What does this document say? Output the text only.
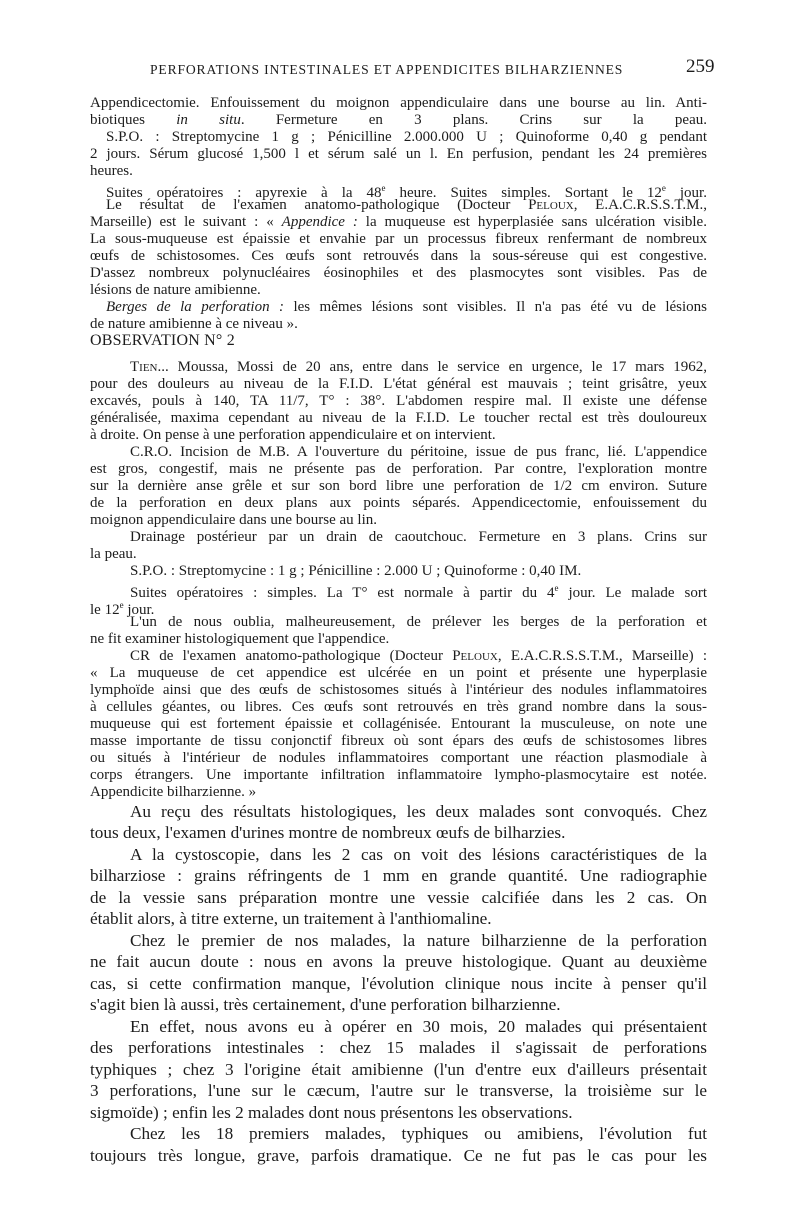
PERFORATIONS INTESTINALES ET APPENDICITES BILHARZIENNES	259
Appendicectomie. Enfouissement du moignon appendiculaire dans une bourse au lin. Anti-
biotiques in situ. Fermeture en 3 plans. Crins sur la peau.
S.P.O. : Streptomycine 1 g ; Pénicilline 2.000.000 U ; Quinoforme 0,40 g pendant
2 jours. Sérum glucosé 1,500 l et sérum salé un l. En perfusion, pendant les 24 premières
heures.
Suites opératoires : apyrexie à la 48e heure. Suites simples. Sortant le 12e jour.
Le résultat de l'examen anatomo-pathologique (Docteur Peloux, E.A.C.R.S.S.T.M.,
Marseille) est le suivant : « Appendice : la muqueuse est hyperplasiée sans ulcération visible.
La sous-muqueuse est épaissie et envahie par un processus fibreux renfermant de nombreux
œufs de schistosomes. Ces œufs sont retrouvés dans la sous-séreuse qui est congestive.
D'assez nombreux polynucléaires éosinophiles et des plasmocytes sont visibles. Pas de
lésions de nature amibienne.
Berges de la perforation : les mêmes lésions sont visibles. Il n'a pas été vu de lésions
de nature amibienne à ce niveau ».
OBSERVATION N° 2
Tien... Moussa, Mossi de 20 ans, entre dans le service en urgence, le 17 mars 1962,
pour des douleurs au niveau de la F.I.D. L'état général est mauvais ; teint grisâtre, yeux
excavés, pouls à 140, TA 11/7, T° : 38°. L'abdomen respire mal. Il existe une défense
généralisée, maxima cependant au niveau de la F.I.D. Le toucher rectal est très douloureux
à droite. On pense à une perforation appendiculaire et on intervient.
C.R.O. Incision de M.B. A l'ouverture du péritoine, issue de pus franc, lié. L'appendice
est gros, congestif, mais ne présente pas de perforation. Par contre, l'exploration montre
sur la dernière anse grêle et sur son bord libre une perforation de 1/2 cm environ. Suture
de la perforation en deux plans aux points séparés. Appendicectomie, enfouissement du
moignon appendiculaire dans une bourse au lin.
Drainage postérieur par un drain de caoutchouc. Fermeture en 3 plans. Crins sur
la peau.
S.P.O. : Streptomycine : 1 g ; Pénicilline : 2.000 U ; Quinoforme : 0,40 IM.
Suites opératoires : simples. La T° est normale à partir du 4e jour. Le malade sort
le 12e jour.
L'un de nous oublia, malheureusement, de prélever les berges de la perforation et
ne fit examiner histologiquement que l'appendice.
CR de l'examen anatomo-pathologique (Docteur Peloux, E.A.C.R.S.S.T.M., Marseille) :
« La muqueuse de cet appendice est ulcérée en un point et présente une hyperplasie
lymphoïde ainsi que des œufs de schistosomes situés à l'intérieur des nodules inflammatoires
à cellules géantes, ou libres. Ces œufs sont retrouvés en très grand nombre dans la sous-
muqueuse qui est fortement épaissie et collagénisée. Entourant la musculeuse, on note une
masse importante de tissu conjonctif fibreux où sont épars des œufs de schistosomes libres
ou situés à l'intérieur de nodules inflammatoires comportant une réaction plasmodiale à
corps étrangers. Une importante infiltration inflammatoire lympho-plasmocytaire est notée.
Appendicite bilharzienne. »
Au reçu des résultats histologiques, les deux malades sont convoqués. Chez
tous deux, l'examen d'urines montre de nombreux œufs de bilharzies.
A la cystoscopie, dans les 2 cas on voit des lésions caractéristiques de la
bilharziose : grains réfringents de 1 mm en grande quantité. Une radiographie
de la vessie sans préparation montre une vessie calcifiée dans les 2 cas. On
établit alors, à titre externe, un traitement à l'anthiomaline.
Chez le premier de nos malades, la nature bilharzienne de la perforation
ne fait aucun doute : nous en avons la preuve histologique. Quant au deuxième
cas, si cette confirmation manque, l'évolution clinique nous incite à penser qu'il
s'agit bien là aussi, très certainement, d'une perforation bilharzienne.
En effet, nous avons eu à opérer en 30 mois, 20 malades qui présentaient
des perforations intestinales : chez 15 malades il s'agissait de perforations
typhiques ; chez 3 l'origine était amibienne (l'un d'entre eux d'ailleurs présentait
3 perforations, l'une sur le cæcum, l'autre sur le transverse, la troisième sur le
sigmoïde) ; enfin les 2 malades dont nous présentons les observations.
Chez les 18 premiers malades, typhiques ou amibiens, l'évolution fut
toujours très longue, grave, parfois dramatique. Ce ne fut pas le cas pour les
